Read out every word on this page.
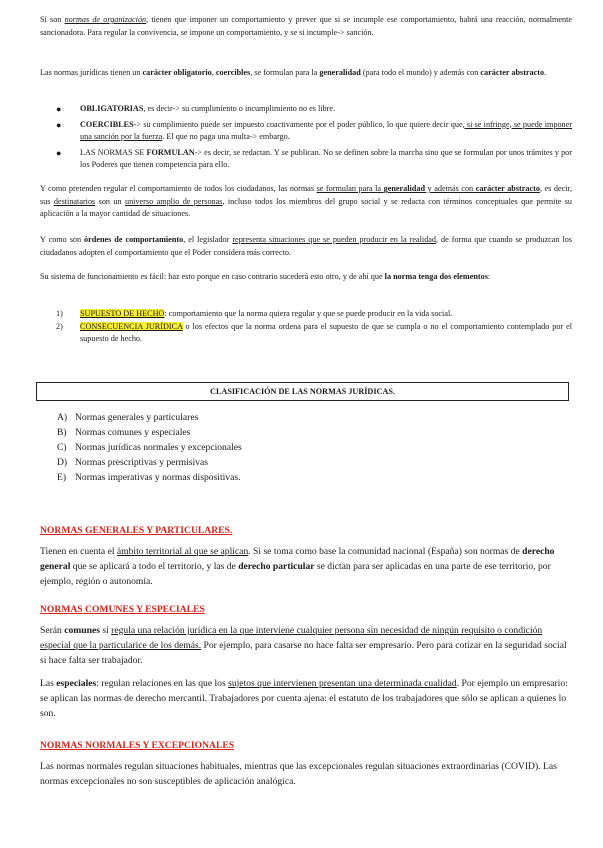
Si son normas de organización, tienen que imponer un comportamiento y prever que si se incumple ese comportamiento, habrá una reacción, normalmente sancionadora. Para regular la convivencia, se impone un comportamiento, y se si incumple-> sanción.

Las normas jurídicas tienen un carácter obligatorio, coercibles, se formulan para la generalidad (para todo el mundo) y además con carácter abstracto.

● OBLIGATORIAS, es decir-> su cumplimiento o incumplimiento no es libre.
● COERCIBLES-> su cumplimiento puede ser impuesto coactivamente por el poder público, lo que quiere decir que, si se infringe, se puede imponer una sanción por la fuerza. El que no paga una multa-> embargo.
● LAS NORMAS SE FORMULAN-> es decir, se redactan. Y se publican. No se definen sobre la marcha sino que se formulan por unos trámites y por los Poderes que tienen competencia para ello.

Y como pretenden regular el comportamiento de todos los ciudadanos, las normas se formulan para la generalidad y además con carácter abstracto, es decir, sus destinatarios son un universo amplio de personas, incluso todos los miembros del grupo social y se redacta con términos conceptuales que permite su aplicación a la mayor cantidad de situaciones.

Y como son órdenes de comportamiento, el legislador representa situaciones que se pueden producir en la realidad, de forma que cuando se produzcan los ciudadanos adopten el comportamiento que el Poder considera más correcto.

Su sistema de funcionamiento es fácil: haz esto porque en caso contrario sucederá esto otro, y de ahí que la norma tenga dos elementos:

1) SUPUESTO DE HECHO: comportamiento que la norma quiera regular y que se puede producir en la vida social.
2) CONSECUENCIA JURÍDICA o los efectos que la norma ordena para el supuesto de que se cumpla o no el comportamiento contemplado por el supuesto de hecho.
CLASIFICACIÓN DE LAS NORMAS JURÍDICAS.
A) Normas generales y particulares
B) Normas comunes y especiales
C) Normas jurídicas normales y excepcionales
D) Normas prescriptivas y permisivas
E) Normas imperativas y normas dispositivas.
NORMAS GENERALES Y PARTICULARES.

Tienen en cuenta el ámbito territorial al que se aplican. Si se toma como base la comunidad nacional (España) son normas de derecho general que se aplicará a todo el territorio, y las de derecho particular se dictan para ser aplicadas en una parte de ese territorio, por ejemplo, región o autonomía.

NORMAS COMUNES Y ESPECIALES

Serán comunes si regula una relación jurídica en la que interviene cualquier persona sin necesidad de ningún requisito o condición especial que la particularice de los demás. Por ejemplo, para casarse no hace falta ser empresario. Pero para cotizar en la seguridad social si hace falta ser trabajador.

Las especiales: regulan relaciones en las que los sujetos que intervienen presentan una determinada cualidad. Por ejemplo un empresario: se aplican las normas de derecho mercantil. Trabajadores por cuenta ajena: el estatuto de los trabajadores que sólo se aplican a quienes lo son.

NORMAS NORMALES Y EXCEPCIONALES

Las normas normales regulan situaciones habituales, mientras que las excepcionales regulan situaciones extraordinarias (COVID). Las normas excepcionales no son susceptibles de aplicación analógica.
